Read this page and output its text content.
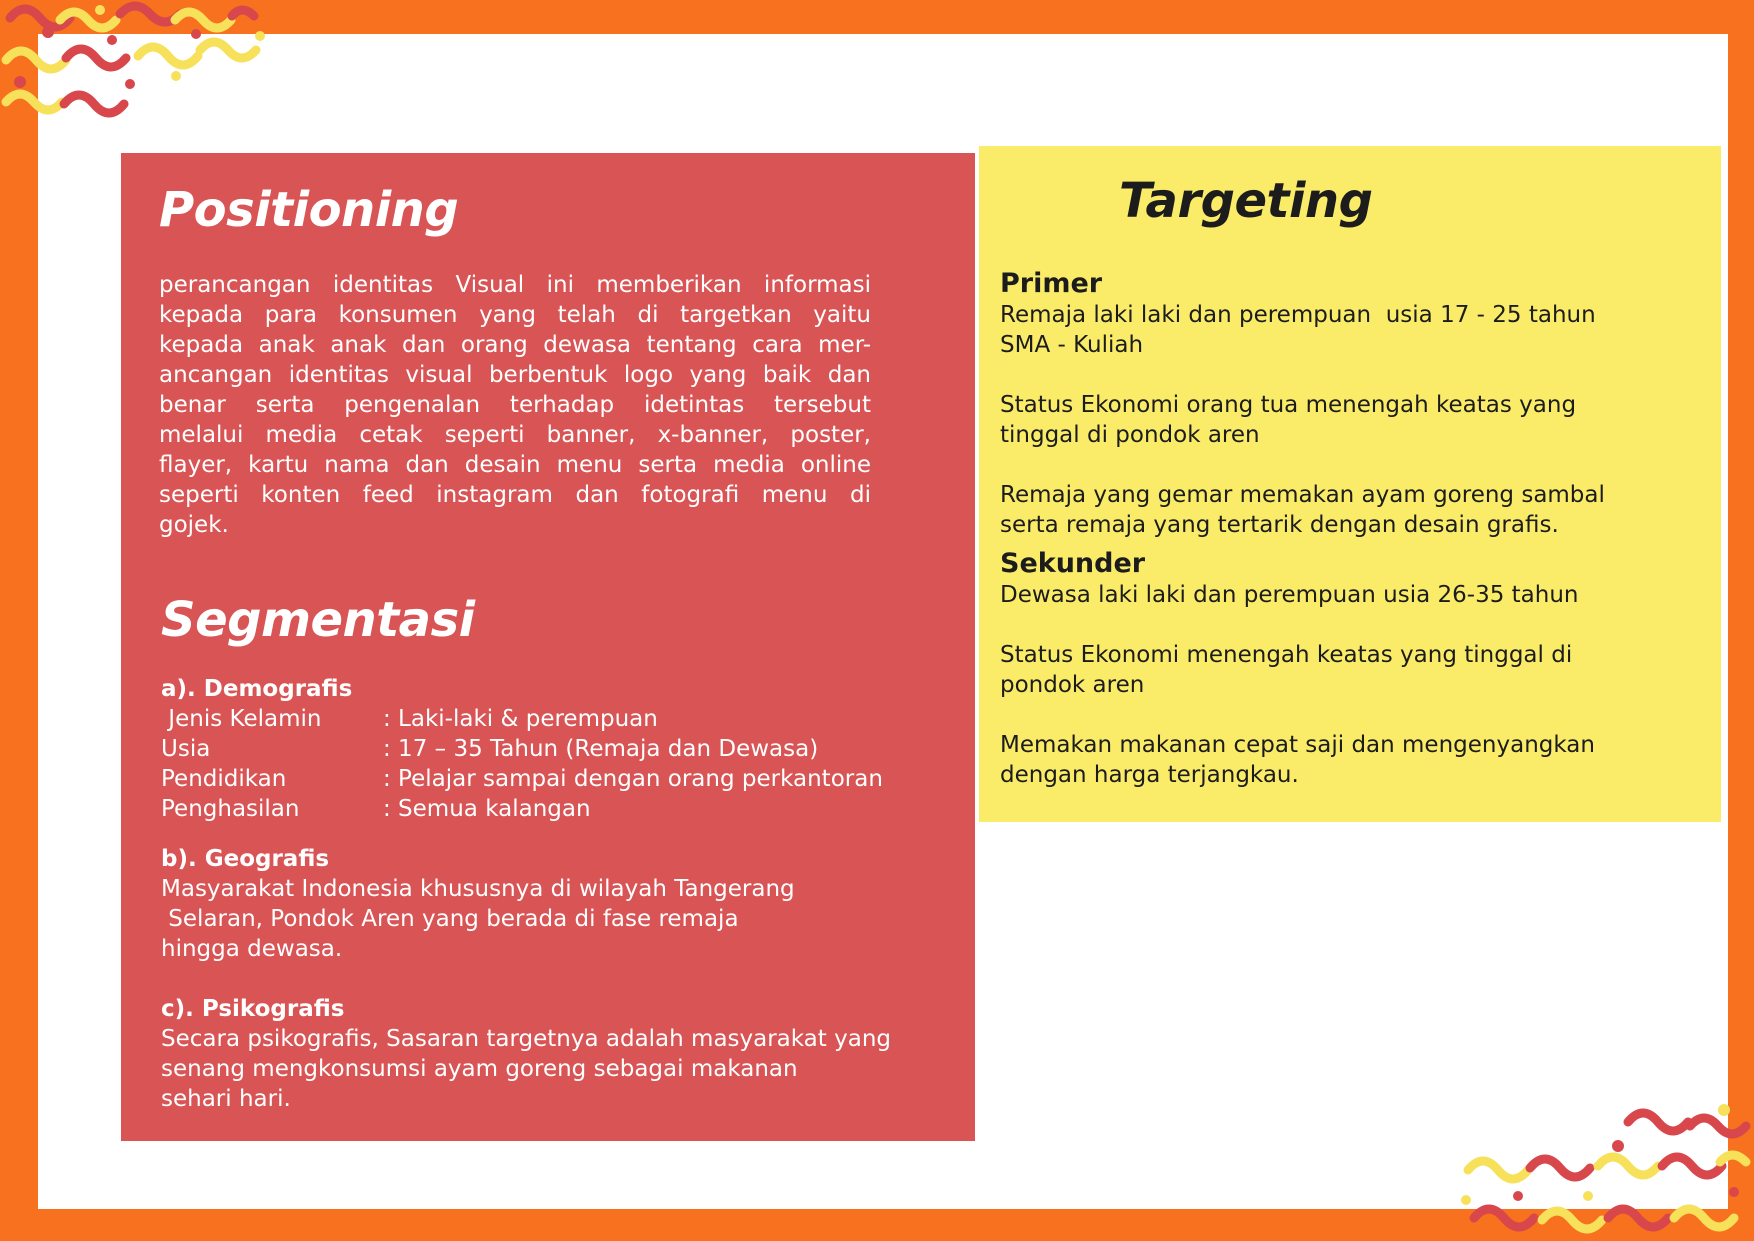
Positioning
perancangan identitas Visual ini memberikan informasi
kepada para konsumen yang telah di targetkan yaitu
kepada anak anak dan orang dewasa tentang cara mer-
ancangan identitas visual berbentuk logo yang baik dan
benar serta pengenalan terhadap idetintas tersebut
melalui media cetak seperti banner, x-banner, poster,
flayer, kartu nama dan desain menu serta media online
seperti konten feed instagram dan fotografi menu di
gojek.
Segmentasi
a). Demografis
Jenis Kelamin	: Laki-laki & perempuan
Usia	: 17 – 35 Tahun (Remaja dan Dewasa)
Pendidikan	: Pelajar sampai dengan orang perkantoran
Penghasilan	: Semua kalangan
b). Geografis
Masyarakat Indonesia khususnya di wilayah Tangerang
Selaran, Pondok Aren yang berada di fase remaja
hingga dewasa.
c). Psikografis
Secara psikografis, Sasaran targetnya adalah masyarakat yang
senang mengkonsumsi ayam goreng sebagai makanan
sehari hari.
Targeting
Primer
Remaja laki laki dan perempuan  usia 17 - 25 tahun
SMA - Kuliah
Status Ekonomi orang tua menengah keatas yang
tinggal di pondok aren
Remaja yang gemar memakan ayam goreng sambal
serta remaja yang tertarik dengan desain grafis.
Sekunder
Dewasa laki laki dan perempuan usia 26-35 tahun
Status Ekonomi menengah keatas yang tinggal di
pondok aren
Memakan makanan cepat saji dan mengenyangkan
dengan harga terjangkau.
